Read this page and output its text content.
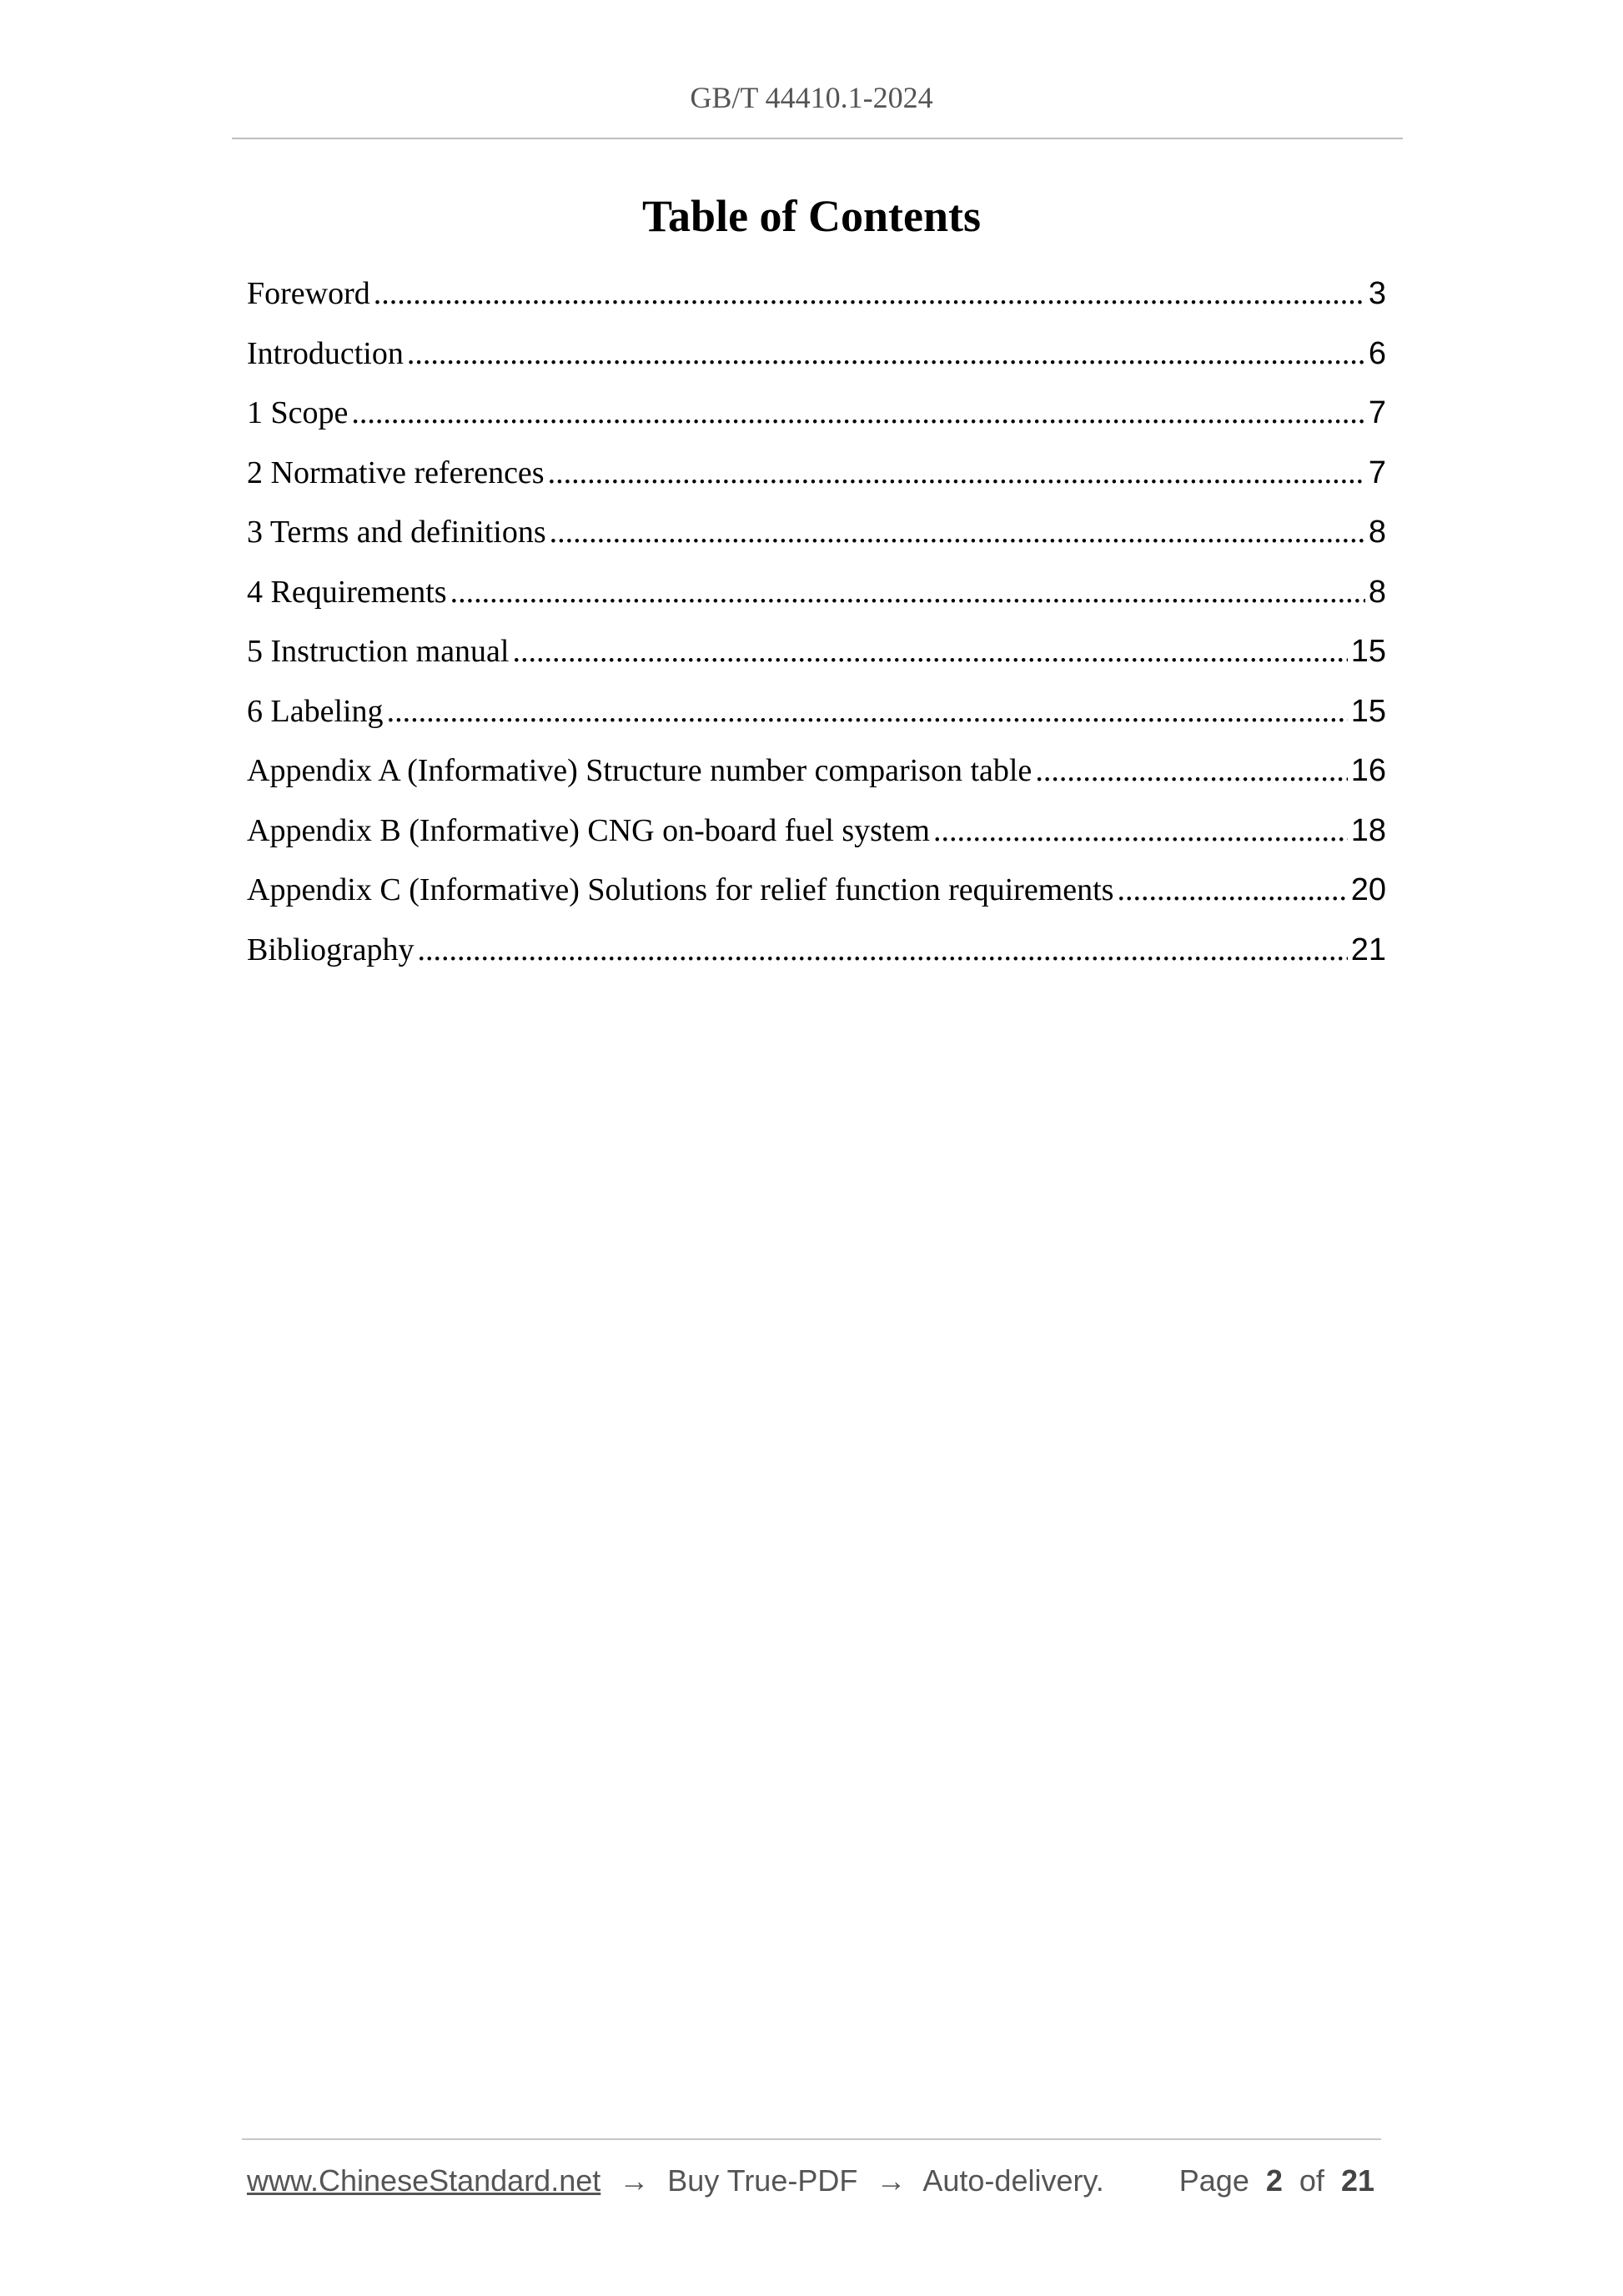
GB/T 44410.1-2024
Table of Contents
Foreword .....	3
Introduction .....	6
1 Scope .....	7
2 Normative references .....	7
3 Terms and definitions .....	8
4 Requirements .....	8
5 Instruction manual .....	15
6 Labeling .....	15
Appendix A (Informative) Structure number comparison table .....	16
Appendix B (Informative) CNG on-board fuel system .....	18
Appendix C (Informative) Solutions for relief function requirements .....	20
Bibliography .....	21
www.ChineseStandard.net → Buy True-PDF → Auto-delivery. Page 2 of 21
